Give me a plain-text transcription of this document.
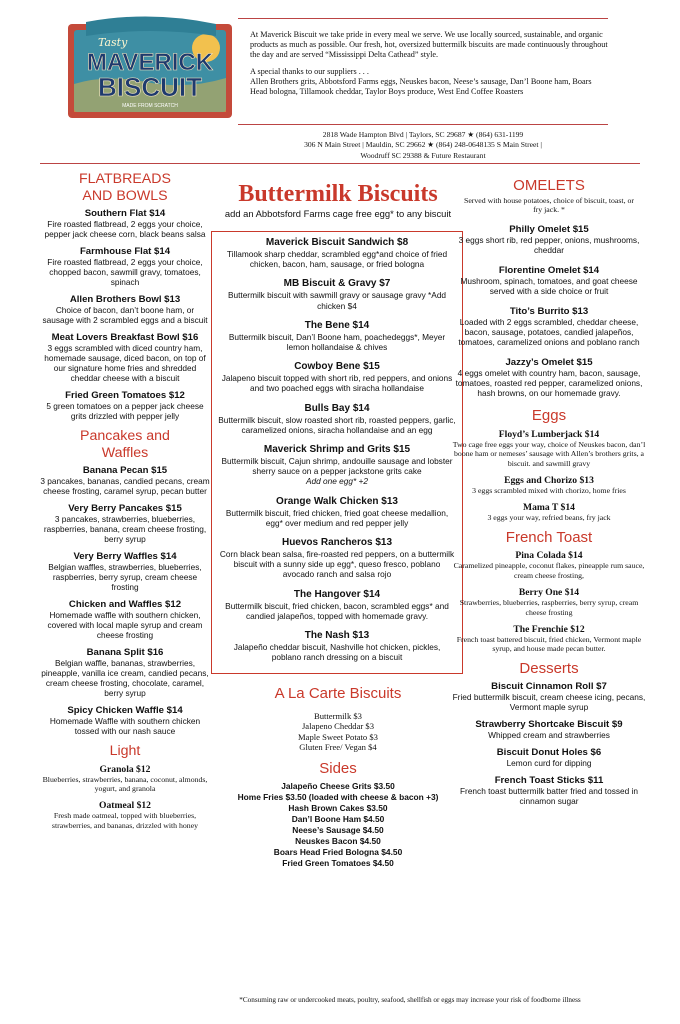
Tasty
MAVERICK
BISCUIT
MADE FROM SCRATCH

At Maverick Biscuit we take pride in every meal we serve. We use locally sourced, sustainable, and organic products as much as possible. Our fresh, hot, oversized buttermilk biscuits are made continuously throughout the day and are served “Mississippi Delta Cathead” style.

A special thanks to our suppliers . . .

Allen Brothers grits, Abbotsford Farms eggs, Neuskes bacon, Neese’s sausage, Dan’l Boone ham, Boars Head bologna, Tillamook cheddar, Taylor Boys produce, West End Coffee Roasters

2818 Wade Hampton Blvd | Taylors, SC 29687 ★ (864) 631-1199
306 N Main Street | Mauldin, SC 29662 ★ (864) 248-0648135 S Main Street |
Woodruff SC 29388 & Future Restaurant
FLATBREADS AND BOWLS
Southern Flat $14
Fire roasted flatbread, 2 eggs your choice, pepper jack cheese corn, black beans salsa
Farmhouse Flat $14
Fire roasted flatbread, 2 eggs your choice, chopped bacon, sawmill gravy, tomatoes, spinach
Allen Brothers Bowl $13
Choice of bacon, dan’t boone ham, or sausage with 2 scrambled eggs and a biscuit
Meat Lovers Breakfast Bowl $16
3 eggs scrambled with diced country ham, homemade sausage, diced bacon, on top of our signature home fries and shredded cheddar cheese with a biscuit
Fried Green Tomatoes $12
5 green tomatoes on a pepper jack cheese grits drizzled with pepper jelly
Pancakes and Waffles
Banana Pecan $15
3 pancakes, bananas, candied pecans, cream cheese frosting, caramel syrup, pecan butter
Very Berry Pancakes $15
3 pancakes, strawberries, blueberries, raspberries, banana, cream cheese frosting, berry syrup
Very Berry Waffles $14
Belgian waffles, strawberries, blueberries, raspberries, berry syrup, cream cheese frosting
Chicken and Waffles $12
Homemade waffle with southern chicken, covered with local maple syrup and cream cheese frosting
Banana Split $16
Belgian waffle, bananas, strawberries, pineapple, vanilla ice cream, candied pecans, cream cheese frosting, chocolate, caramel, berry syrup
Spicy Chicken Waffle $14
Homemade Waffle with southern chicken tossed with our nash sauce
Light
Granola $12
Blueberries, strawberries, banana, coconut, almonds, yogurt, and granola
Oatmeal $12
Fresh made oatmeal, topped with blueberries, strawberries, and bananas, drizzled with honey
Buttermilk Biscuits
add an Abbotsford Farms cage free egg* to any biscuit
Maverick Biscuit Sandwich $8
Tillamook sharp cheddar, scrambled egg*and choice of fried chicken, bacon, ham, sausage, or fried bologna
MB Biscuit & Gravy $7
Buttermilk biscuit with sawmill gravy or sausage gravy *Add chicken $4
The Bene $14
Buttermilk biscuit, Dan’l Boone ham, poachedeggs*, Meyer lemon hollandaise & chives
Cowboy Bene $15
Jalapeno biscuit topped with short rib, red peppers, and onions and two poached eggs with siracha hollandaise
Bulls Bay $14
Buttermilk biscuit, slow roasted short rib, roasted peppers, garlic, caramelized onions, siracha hollandaise and an egg
Maverick Shrimp and Grits $15
Buttermilk biscuit, Cajun shrimp, andouille sausage and lobster sherry sauce on a pepper jackstone grits cake
Add one egg* +2
Orange Walk Chicken $13
Buttermilk biscuit, fried chicken, fried goat cheese medallion, egg* over medium and red pepper jelly
Huevos Rancheros $13
Corn black bean salsa, fire-roasted red peppers, on a buttermilk biscuit with a sunny side up egg*, queso fresco, poblano avocado ranch and salsa rojo
The Hangover $14
Buttermilk biscuit, fried chicken, bacon, scrambled eggs* and candied jalapeños, topped with homemade gravy.
The Nash $13
Jalapeño cheddar biscuit, Nashville hot chicken, pickles, poblano ranch dressing on a biscuit
A La Carte Biscuits
Buttermilk $3
Jalapeno Cheddar $3
Maple Sweet Potato $3
Gluten Free/ Vegan $4
Sides
Jalapeño Cheese Grits $3.50
Home Fries $3.50 (loaded with cheese & bacon +3)
Hash Brown Cakes $3.50
Dan’l Boone Ham $4.50
Neese’s Sausage $4.50
Neuskes Bacon $4.50
Boars Head Fried Bologna $4.50
Fried Green Tomatoes $4.50
OMELETS
Served with house potatoes, choice of biscuit, toast, or fry jack. *
Philly Omelet $15
3 eggs short rib, red pepper, onions, mushrooms, cheddar
Florentine Omelet $14
Mushroom, spinach, tomatoes, and goat cheese served with a side choice or fruit
Tito’s Burrito $13
Loaded with 2 eggs scrambled, cheddar cheese, bacon, sausage, potatoes, candied jalapeños, tomatoes, caramelized onions and poblano ranch
Jazzy’s Omelet $15
4 eggs omelet with country ham, bacon, sausage, tomatoes, roasted red pepper, caramelized onions, hash browns, on our homemade gravy.
Eggs
Floyd’s Lumberjack $14
Two cage free eggs your way, choice of Neuskes bacon, dan’l boone ham or nemeses’ sausage with Allen’s brothers grits, a biscuit. and sawmill gravy
Eggs and Chorizo $13
3 eggs scrambled mixed with chorizo, home fries
Mama T $14
3 eggs your way, refried beans, fry jack
French Toast
Pina Colada $14
Caramelized pineapple, coconut flakes, pineapple rum sauce, cream cheese frosting,
Berry One $14
Strawberries, blueberries, raspberries, berry syrup, cream cheese frosting
The Frenchie $12
French toast battered biscuit, fried chicken, Vermont maple syrup, and house made pecan butter.
Desserts
Biscuit Cinnamon Roll $7
Fried buttermilk biscuit, cream cheese icing, pecans, Vermont maple syrup
Strawberry Shortcake Biscuit $9
Whipped cream and strawberries
Biscuit Donut Holes $6
Lemon curd for dipping
French Toast Sticks $11
French toast buttermilk batter fried and tossed in cinnamon sugar
*Consuming raw or undercooked meats, poultry, seafood, shellfish or eggs may increase your risk of foodborne illness
